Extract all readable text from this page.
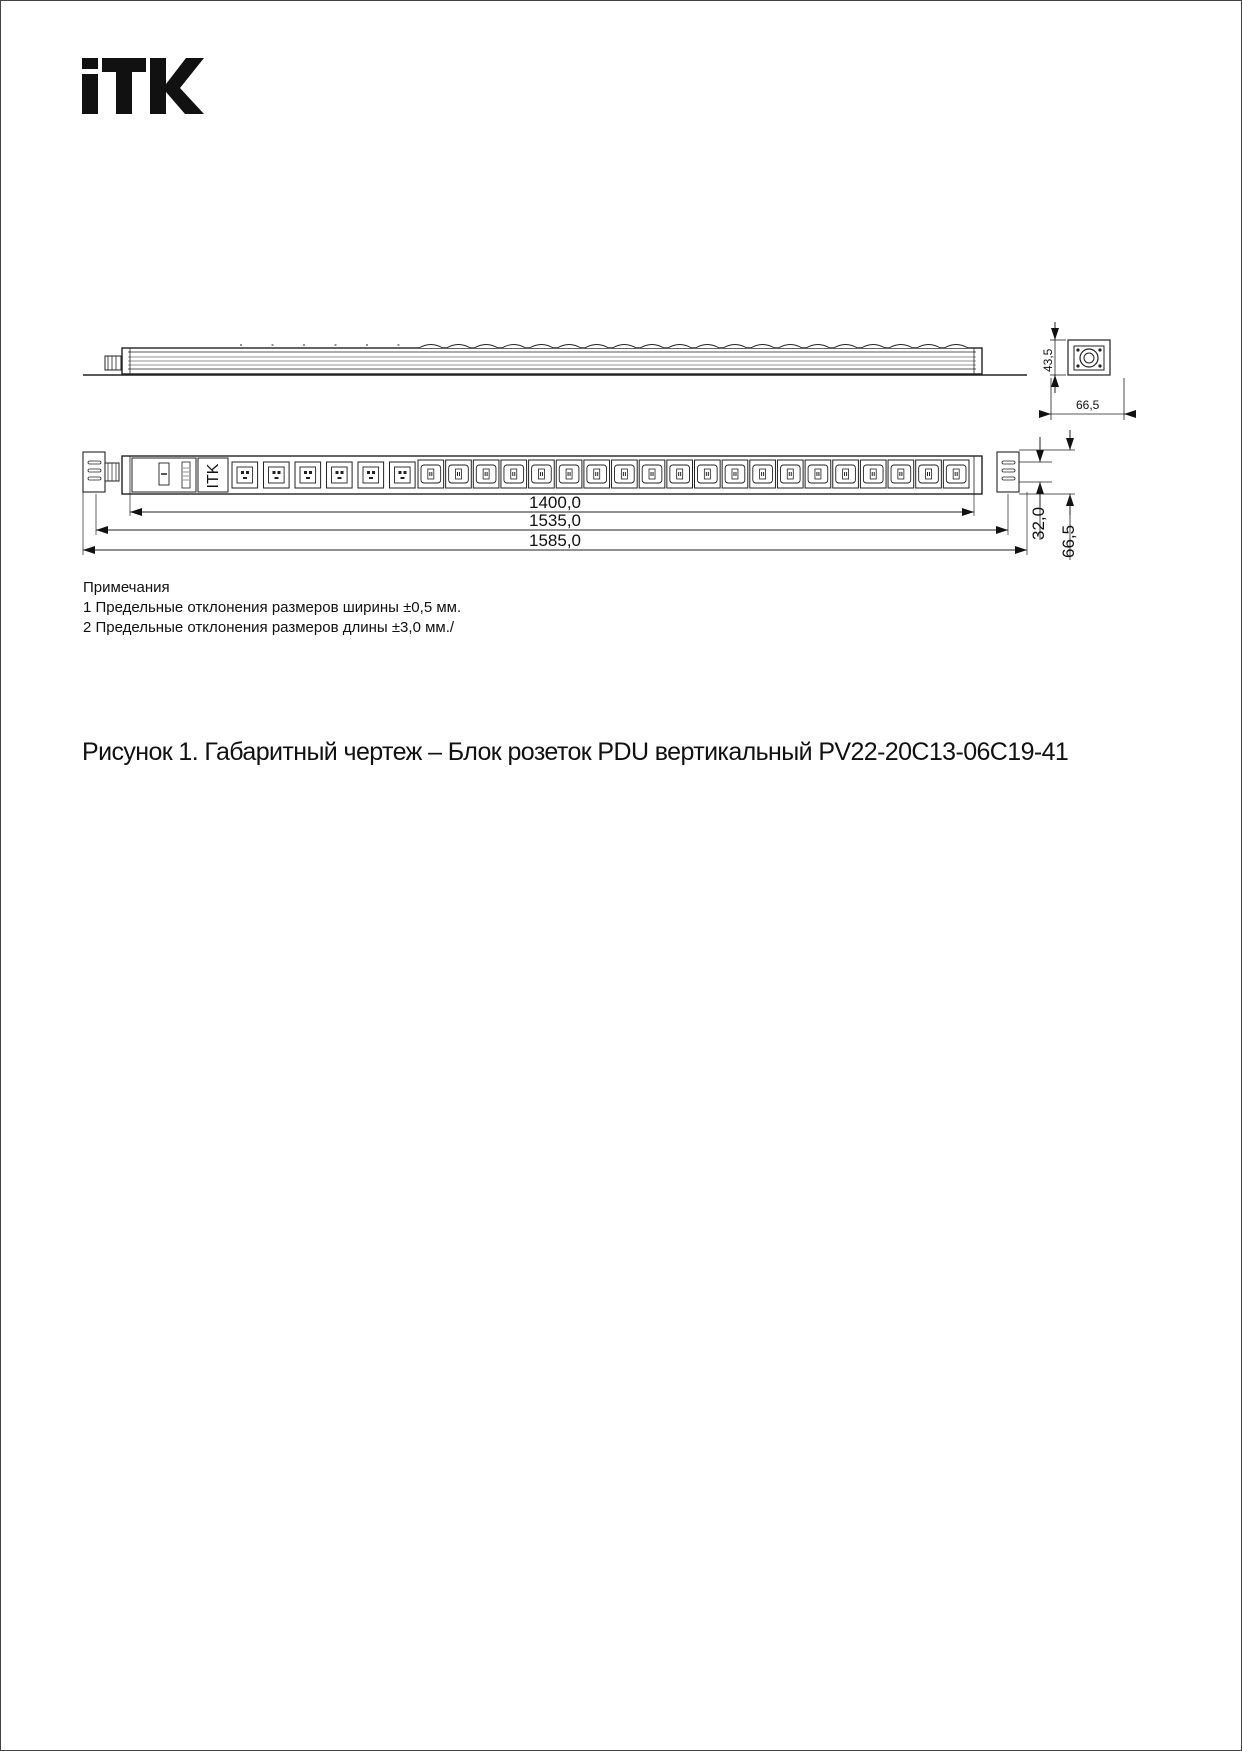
43,5
66,5
ITK
1400,0
1535,0
1585,0
32,0
66,5
Примечания
1 Предельные отклонения размеров ширины ±0,5 мм.
2 Предельные отклонения размеров длины ±3,0 мм./
Рисунок 1. Габаритный чертеж – Блок розеток PDU вертикальный PV22-20C13-06C19-41
